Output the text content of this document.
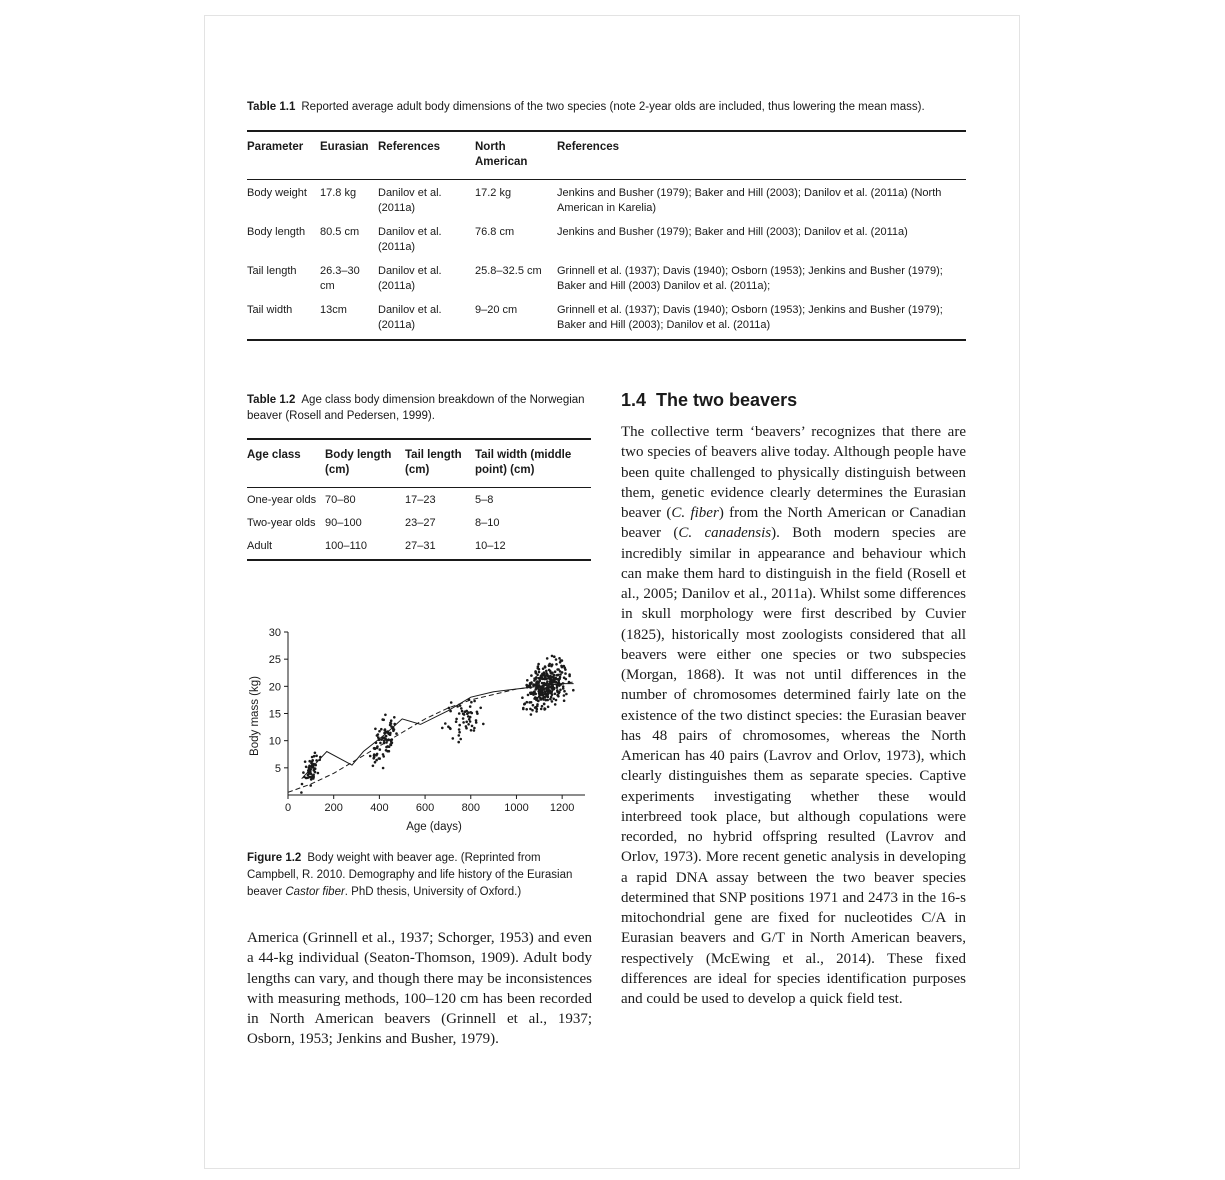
Table 1.1 Reported average adult body dimensions of the two species (note 2-year olds are included, thus lowering the mean mass).
Parameter	Eurasian	References	North American	References
Body weight	17.8 kg	Danilov et al. (2011a)	17.2 kg	Jenkins and Busher (1979); Baker and Hill (2003); Danilov et al. (2011a) (North American in Karelia)
Body length	80.5 cm	Danilov et al. (2011a)	76.8 cm	Jenkins and Busher (1979); Baker and Hill (2003); Danilov et al. (2011a)
Tail length	26.3–30 cm	Danilov et al. (2011a)	25.8–32.5 cm	Grinnell et al. (1937); Davis (1940); Osborn (1953); Jenkins and Busher (1979); Baker and Hill (2003) Danilov et al. (2011a);
Tail width	13cm	Danilov et al. (2011a)	9–20 cm	Grinnell et al. (1937); Davis (1940); Osborn (1953); Jenkins and Busher (1979); Baker and Hill (2003); Danilov et al. (2011a)
Table 1.2 Age class body dimension breakdown of the Norwegian beaver (Rosell and Pedersen, 1999).
Age class	Body length (cm)	Tail length (cm)	Tail width (middle point) (cm)
One-year olds	70–80	17–23	5–8
Two-year olds	90–100	23–27	8–10
Adult	100–110	27–31	10–12
0	200 400 600 800 1000 1200
5
10
15
20
25
30
Age (days)
Body mass (kg)
Figure 1.2 Body weight with beaver age. (Reprinted from Campbell, R. 2010. Demography and life history of the Eurasian beaver Castor fiber. PhD thesis, University of Oxford.)

America (Grinnell et al., 1937; Schorger, 1953) and even a 44-kg individual (Seaton-Thomson, 1909). Adult body lengths can vary, and though there may be inconsistences with measuring methods, 100–120 cm has been recorded in North American beavers (Grinnell et al., 1937; Osborn, 1953; Jenkins and Busher, 1979).

1.4 The two beavers

The collective term ‘beavers’ recognizes that there are two species of beavers alive today. Although people have been quite challenged to physically distinguish between them, genetic evidence clearly determines the Eurasian beaver (C. fiber) from the North American or Canadian beaver (C. canadensis). Both modern species are incredibly similar in appearance and behaviour which can make them hard to distinguish in the field (Rosell et al., 2005; Danilov et al., 2011a). Whilst some differences in skull morphology were first described by Cuvier (1825), historically most zoologists considered that all beavers were either one species or two subspecies (Morgan, 1868). It was not until differences in the number of chromosomes determined fairly late on the existence of the two distinct species: the Eurasian beaver has 48 pairs of chromosomes, whereas the North American has 40 pairs (Lavrov and Orlov, 1973), which clearly distinguishes them as separate species. Captive experiments investigating whether these would interbreed took place, but although copulations were recorded, no hybrid offspring resulted (Lavrov and Orlov, 1973). More recent genetic analysis in developing a rapid DNA assay between the two beaver species determined that SNP positions 1971 and 2473 in the 16-s mitochondrial gene are fixed for nucleotides C/A in Eurasian beavers and G/T in North American beavers, respectively (McEwing et al., 2014). These fixed differences are ideal for species identification purposes and could be used to develop a quick field test.
